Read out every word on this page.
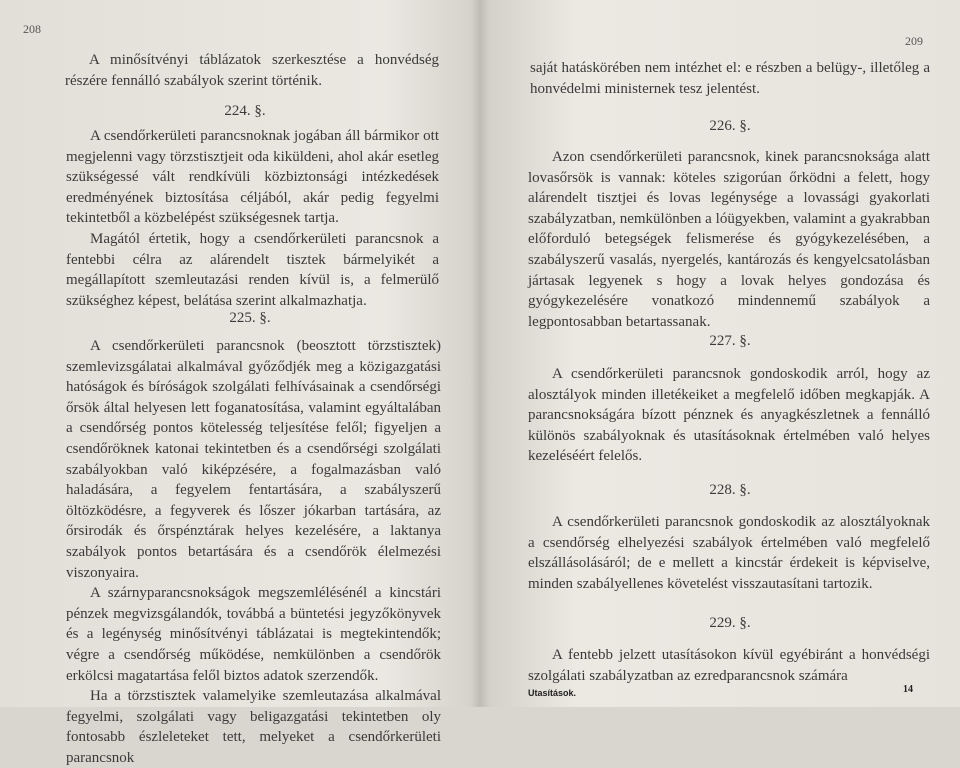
208

A minősítvényi táblázatok szerkesztése a honvédség részére fennálló szabályok szerint történik.

224. §.

A csendőrkerületi parancsnoknak jogában áll bármikor ott megjelenni vagy törzstisztjeit oda kiküldeni, ahol akár esetleg szükségessé vált rendkívüli közbiztonsági intézkedések eredményének biztosítása céljából, akár pedig fegyelmi tekintetből a közbelépést szükségesnek tartja.

Magától értetik, hogy a csendőrkerületi parancsnok a fentebbi célra az alárendelt tisztek bármelyikét a megállapított szemleutazási renden kívül is, a felmerülő szükséghez képest, belátása szerint alkalmazhatja.

225. §.

A csendőrkerületi parancsnok (beosztott törzstisztek) szemlevizsgálatai alkalmával győződjék meg a közigazgatási hatóságok és bíróságok szolgálati felhívásainak a csendőrségi őrsök által helyesen lett foganatosítása, valamint egyáltalában a csendőrség pontos kötelesség teljesítése felől; figyeljen a csendőröknek katonai tekintetben és a csendőrségi szolgálati szabályokban való kiképzésére, a fogalmazásban való haladására, a fegyelem fentartására, a szabályszerű öltözködésre, a fegyverek és lőszer jókarban tartására, az őrsirodák és őrspénztárak helyes kezelésére, a laktanya szabályok pontos betartására és a csendőrök élelmezési viszonyaira.

A szárnyparancsnokságok megszemlélésénél a kincstári pénzek megvizsgálandók, továbbá a büntetési jegyzőkönyvek és a legénység minősítvényi táblázatai is megtekintendők; végre a csendőrség működése, nemkülönben a csendőrök erkölcsi magatartása felől biztos adatok szerzendők.

Ha a törzstisztek valamelyike szemleutazása alkalmával fegyelmi, szolgálati vagy beligazgatási tekintetben oly fontosabb észleleteket tett, melyeket a csendőrkerületi parancsnok

209

saját hatáskörében nem intézhet el: e részben a belügy-, illetőleg a honvédelmi ministernek tesz jelentést.

226. §.

Azon csendőrkerületi parancsnok, kinek parancsnoksága alatt lovasőrsök is vannak: köteles szigorúan őrködni a felett, hogy alárendelt tisztjei és lovas legénysége a lovassági gyakorlati szabályzatban, nemkülönben a lóügyekben, valamint a gyakrabban előforduló betegségek felismerése és gyógykezelésében, a szabályszerű vasalás, nyergelés, kantározás és kengyelcsatolásban jártasak legyenek s hogy a lovak helyes gondozása és gyógykezelésére vonatkozó mindennemű szabályok a legpontosabban betartassanak.

227. §.

A csendőrkerületi parancsnok gondoskodik arról, hogy az alosztályok minden illetékeiket a megfelelő időben megkapják. A parancsnokságára bízott pénznek és anyagkészletnek a fennálló különös szabályoknak és utasításoknak értelmében való helyes kezeléséért felelős.

228. §.

A csendőrkerületi parancsnok gondoskodik az alosztályoknak a csendőrség elhelyezési szabályok értelmében való megfelelő elszállásolásáról; de e mellett a kincstár érdekeit is képviselve, minden szabályellenes követelést visszautasítani tartozik.

229. §.

A fentebb jelzett utasításokon kívül egyébiránt a honvédségi szolgálati szabályzatban az ezredparancsnok számára

Utasítások.	14
